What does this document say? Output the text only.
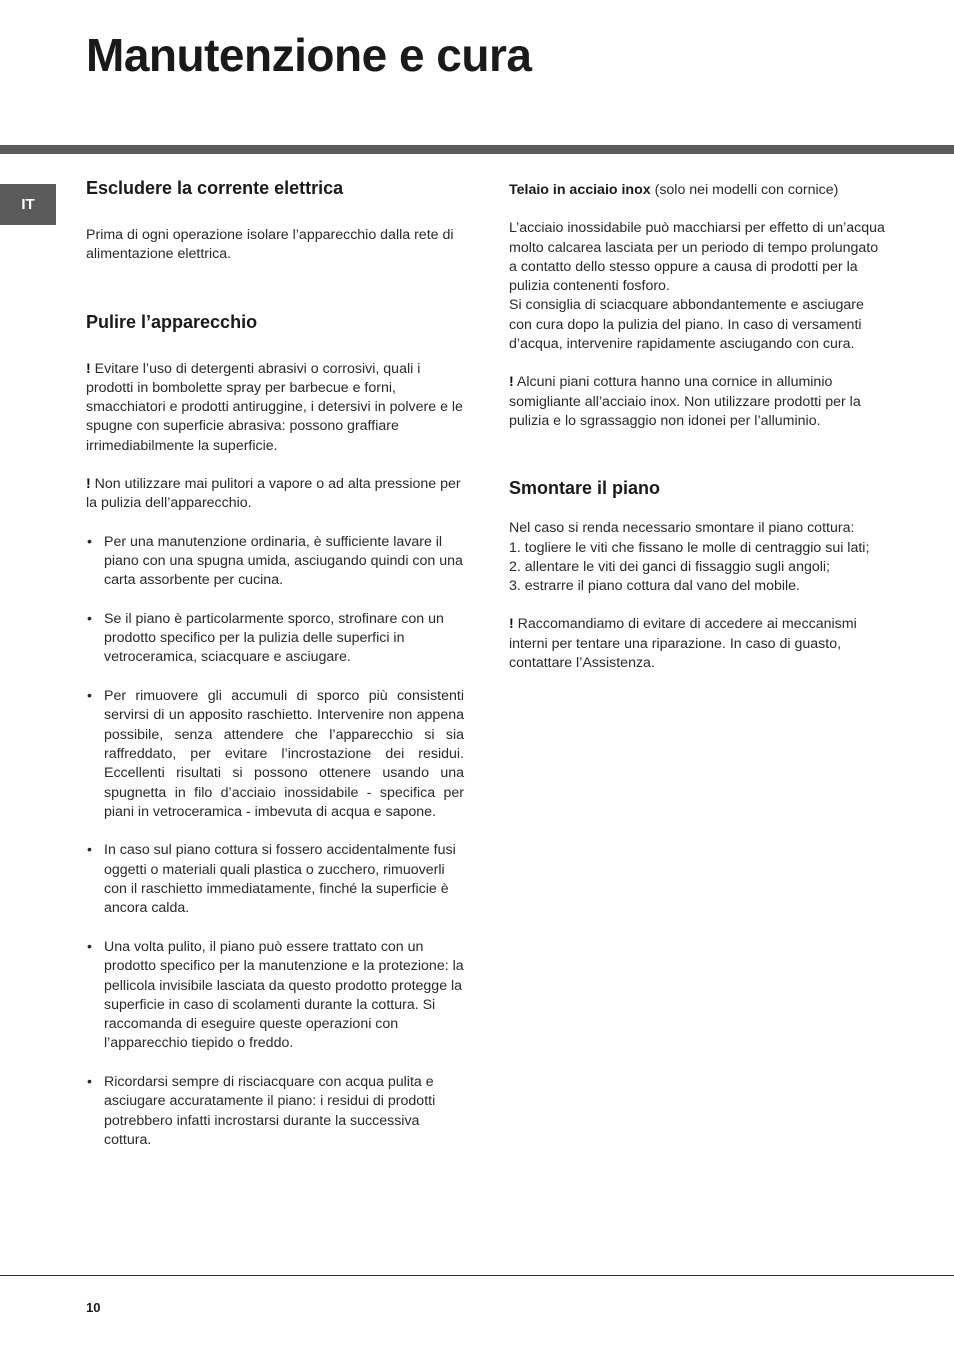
Manutenzione e cura
IT
Escludere la corrente elettrica

Prima di ogni operazione isolare l’apparecchio dalla rete di alimentazione elettrica.

Pulire l’apparecchio

! Evitare l’uso di detergenti abrasivi o corrosivi, quali i prodotti in bombolette spray per barbecue e forni, smacchiatori e prodotti antiruggine, i detersivi in polvere e le spugne con superficie abrasiva: possono graffiare irrimediabilmente la superficie.

! Non utilizzare mai pulitori a vapore o ad alta pressione per la pulizia dell’apparecchio.

• Per una manutenzione ordinaria, è sufficiente lavare il piano con una spugna umida, asciugando quindi con una carta assorbente per cucina.
• Se il piano è particolarmente sporco, strofinare con un prodotto specifico per la pulizia delle superfici in vetroceramica, sciacquare e asciugare.
• Per rimuovere gli accumuli di sporco più consistenti servirsi di un apposito raschietto. Intervenire non appena possibile, senza attendere che l’apparecchio si sia raffreddato, per evitare l’incrostazione dei residui. Eccellenti risultati si possono ottenere usando una spugnetta in filo d’acciaio inossidabile - specifica per piani in vetroceramica - imbevuta di acqua e sapone.
• In caso sul piano cottura si fossero accidentalmente fusi oggetti o materiali quali plastica o zucchero, rimuoverli con il raschietto immediatamente, finché la superficie è ancora calda.
• Una volta pulito, il piano può essere trattato con un prodotto specifico per la manutenzione e la protezione: la pellicola invisibile lasciata da questo prodotto protegge la superficie in caso di scolamenti durante la cottura. Si raccomanda di eseguire queste operazioni con l’apparecchio tiepido o freddo.
• Ricordarsi sempre di risciacquare con acqua pulita e asciugare accuratamente il piano: i residui di prodotti potrebbero infatti incrostarsi durante la successiva cottura.

Telaio in acciaio inox (solo nei modelli con cornice)

L’acciaio inossidabile può macchiarsi per effetto di un’acqua molto calcarea lasciata per un periodo di tempo prolungato a contatto dello stesso oppure a causa di prodotti per la pulizia contenenti fosforo.

Si consiglia di sciacquare abbondantemente e asciugare con cura dopo la pulizia del piano. In caso di versamenti d’acqua, intervenire rapidamente asciugando con cura.

! Alcuni piani cottura hanno una cornice in alluminio somigliante all’acciaio inox. Non utilizzare prodotti per la pulizia e lo sgrassaggio non idonei per l’alluminio.

Smontare il piano

Nel caso si renda necessario smontare il piano cottura:

1. togliere le viti che fissano le molle di centraggio sui lati;

2. allentare le viti dei ganci di fissaggio sugli angoli;

3. estrarre il piano cottura dal vano del mobile.

! Raccomandiamo di evitare di accedere ai meccanismi interni per tentare una riparazione. In caso di guasto, contattare l’Assistenza.

10
